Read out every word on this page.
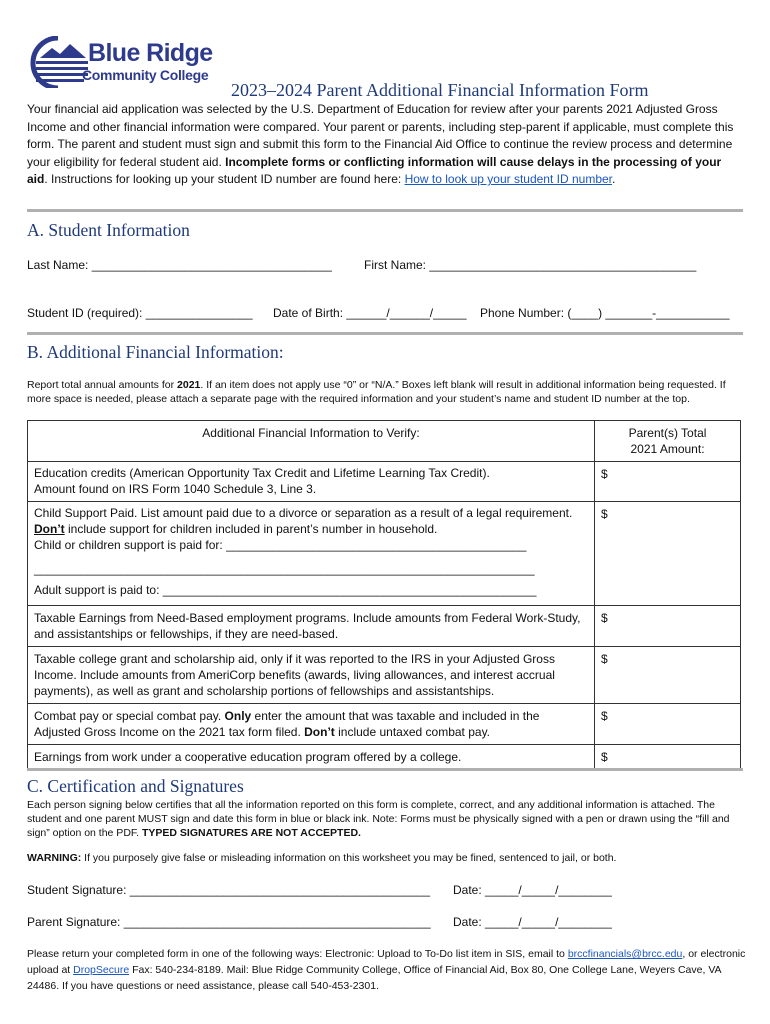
Blue Ridge
Community College
2023–2024 Parent Additional Financial Information Form
Your financial aid application was selected by the U.S. Department of Education for review after your parents 2021 Adjusted Gross Income and other financial information were compared. Your parent or parents, including step-parent if applicable, must complete this form. The parent and student must sign and submit this form to the Financial Aid Office to continue the review process and determine your eligibility for federal student aid. Incomplete forms or conflicting information will cause delays in the processing of your aid. Instructions for looking up your student ID number are found here: How to look up your student ID number.
A. Student Information
Last Name: ____________________________________	First Name: ________________________________________
Student ID (required): ________________ Date of Birth: ______/______/_____ Phone Number: (____) _______-___________
B. Additional Financial Information:
Report total annual amounts for 2021. If an item does not apply use “0” or “N/A.” Boxes left blank will result in additional information being requested. If more space is needed, please attach a separate page with the required information and your student’s name and student ID number at the top.
Additional Financial Information to Verify:	Parent(s) Total
2021 Amount:

Education credits (American Opportunity Tax Credit and Lifetime Learning Tax Credit).
Amount found on IRS Form 1040 Schedule 3, Line 3.	$

Child Support Paid. List amount paid due to a divorce or separation as a result of a legal requirement. Don’t include support for children included in parent’s number in household.
Child or children support is paid for: _____________________________________________
___________________________________________________________________________
Adult support is paid to: ________________________________________________________	$
Taxable Earnings from Need-Based employment programs. Include amounts from Federal Work-Study, and assistantships or fellowships, if they are need-based.	$
Taxable college grant and scholarship aid, only if it was reported to the IRS in your Adjusted Gross Income. Include amounts from AmeriCorp benefits (awards, living allowances, and interest accrual payments), as well as grant and scholarship portions of fellowships and assistantships.	$
Combat pay or special combat pay. Only enter the amount that was taxable and included in the Adjusted Gross Income on the 2021 tax form filed. Don’t include untaxed combat pay.	$
Earnings from work under a cooperative education program offered by a college.	$
C. Certification and Signatures
Each person signing below certifies that all the information reported on this form is complete, correct, and any additional information is attached. The student and one parent MUST sign and date this form in blue or black ink. Note: Forms must be physically signed with a pen or drawn using the “fill and sign” option on the PDF. TYPED SIGNATURES ARE NOT ACCEPTED.
WARNING: If you purposely give false or misleading information on this worksheet you may be fined, sentenced to jail, or both.
Student Signature: _____________________________________________ Date: _____/_____/________
Parent Signature: ______________________________________________ Date: _____/_____/________
Please return your completed form in one of the following ways: Electronic: Upload to To-Do list item in SIS, email to brccfinancials@brcc.edu, or electronic upload at DropSecure Fax: 540-234-8189. Mail: Blue Ridge Community College, Office of Financial Aid, Box 80, One College Lane, Weyers Cave, VA 24486. If you have questions or need assistance, please call 540-453-2301.
